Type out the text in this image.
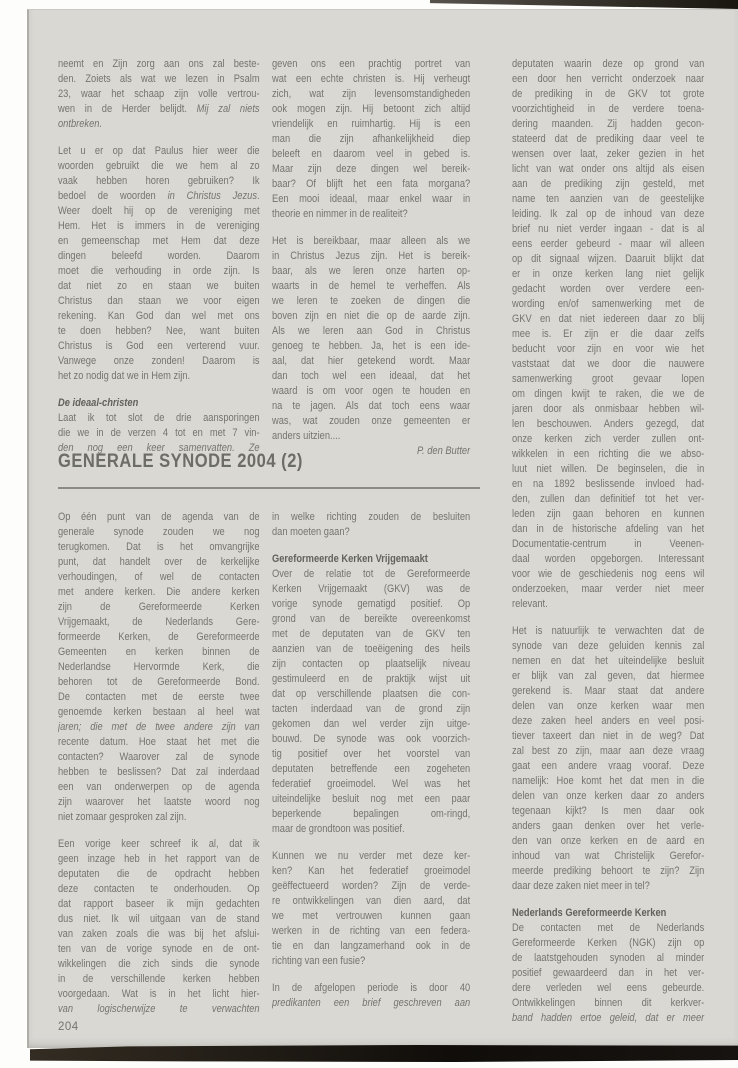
GENERALE SYNODE 2004 (2)
neemt en Zijn zorg aan ons zal beste-
den. Zoiets als wat we lezen in Psalm
23, waar het schaap zijn volle vertrou-
wen in de Herder belijdt. Mij zal niets
ontbreken.
Let u er op dat Paulus hier weer die
woorden gebruikt die we hem al zo
vaak hebben horen gebruiken? Ik
bedoel de woorden in Christus Jezus.
Weer doelt hij op de vereniging met
Hem. Het is immers in de vereniging
en gemeenschap met Hem dat deze
dingen beleefd worden. Daarom
moet die verhouding in orde zijn. Is
dat niet zo en staan we buiten
Christus dan staan we voor eigen
rekening. Kan God dan wel met ons
te doen hebben? Nee, want buiten
Christus is God een verterend vuur.
Vanwege onze zonden! Daarom is
het zo nodig dat we in Hem zijn.
De ideaal-christen
Laat ik tot slot de drie aansporingen
die we in de verzen 4 tot en met 7 vin-
den nog een keer samenvatten. Ze
geven ons een prachtig portret van
wat een echte christen is. Hij verheugt
zich, wat zijn levensomstandigheden
ook mogen zijn. Hij betoont zich altijd
vriendelijk en ruimhartig. Hij is een
man die zijn afhankelijkheid diep
beleeft en daarom veel in gebed is.
Maar zijn deze dingen wel bereik-
baar? Of blijft het een fata morgana?
Een mooi ideaal, maar enkel waar in
theorie en nimmer in de realiteit?
Het is bereikbaar, maar alleen als we
in Christus Jezus zijn. Het is bereik-
baar, als we leren onze harten op-
waarts in de hemel te verheffen. Als
we leren te zoeken de dingen die
boven zijn en niet die op de aarde zijn.
Als we leren aan God in Christus
genoeg te hebben. Ja, het is een ide-
aal, dat hier getekend wordt. Maar
dan toch wel een ideaal, dat het
waard is om voor ogen te houden en
na te jagen. Als dat toch eens waar
was, wat zouden onze gemeenten er
anders uitzien....
P. den Butter
deputaten waarin deze op grond van
een door hen verricht onderzoek naar
de prediking in de GKV tot grote
voorzichtigheid in de verdere toena-
dering maanden. Zij hadden gecon-
stateerd dat de prediking daar veel te
wensen over laat, zeker gezien in het
licht van wat onder ons altijd als eisen
aan de prediking zijn gesteld, met
name ten aanzien van de geestelijke
leiding. Ik zal op de inhoud van deze
brief nu niet verder ingaan - dat is al
eens eerder gebeurd - maar wil alleen
op dit signaal wijzen. Daaruit blijkt dat
er in onze kerken lang niet gelijk
gedacht worden over verdere een-
wording en/of samenwerking met de
GKV en dat niet iedereen daar zo blij
mee is. Er zijn er die daar zelfs
beducht voor zijn en voor wie het
vaststaat dat we door die nauwere
samenwerking groot gevaar lopen
om dingen kwijt te raken, die we de
jaren door als onmisbaar hebben wil-
len beschouwen. Anders gezegd, dat
onze kerken zich verder zullen ont-
wikkelen in een richting die we abso-
luut niet willen. De beginselen, die in
en na 1892 beslissende invloed had-
den, zullen dan definitief tot het ver-
leden zijn gaan behoren en kunnen
dan in de historische afdeling van het
Documentatie-centrum in Veenen-
daal worden opgeborgen. Interessant
voor wie de geschiedenis nog eens wil
onderzoeken, maar verder niet meer
relevant.
Het is natuurlijk te verwachten dat de
synode van deze geluiden kennis zal
nemen en dat het uiteindelijke besluit
er blijk van zal geven, dat hiermee
gerekend is. Maar staat dat andere
delen van onze kerken waar men
deze zaken heel anders en veel posi-
tiever taxeert dan niet in de weg? Dat
zal best zo zijn, maar aan deze vraag
gaat een andere vraag vooraf. Deze
namelijk: Hoe komt het dat men in die
delen van onze kerken daar zo anders
tegenaan kijkt? Is men daar ook
anders gaan denken over het verle-
den van onze kerken en de aard en
inhoud van wat Christelijk Gerefor-
meerde prediking behoort te zijn? Zijn
daar deze zaken niet meer in tel?
Nederlands Gereformeerde Kerken
De contacten met de Nederlands
Gereformeerde Kerken (NGK) zijn op
de laatstgehouden synoden al minder
positief gewaardeerd dan in het ver-
dere verleden wel eens gebeurde.
Ontwikkelingen binnen dit kerkver-
band hadden ertoe geleid, dat er meer
Op één punt van de agenda van de
generale synode zouden we nog
terugkomen. Dat is het omvangrijke
punt, dat handelt over de kerkelijke
verhoudingen, of wel de contacten
met andere kerken. Die andere kerken
zijn de Gereformeerde Kerken
Vrijgemaakt, de Nederlands Gere-
formeerde Kerken, de Gereformeerde
Gemeenten en kerken binnen de
Nederlandse Hervormde Kerk, die
behoren tot de Gereformeerde Bond.
De contacten met de eerste twee
genoemde kerken bestaan al heel wat
jaren; die met de twee andere zijn van
recente datum. Hoe staat het met die
contacten? Waarover zal de synode
hebben te beslissen? Dat zal inderdaad
een van onderwerpen op de agenda
zijn waarover het laatste woord nog
niet zomaar gesproken zal zijn.
Een vorige keer schreef ik al, dat ik
geen inzage heb in het rapport van de
deputaten die de opdracht hebben
deze contacten te onderhouden. Op
dat rapport baseer ik mijn gedachten
dus niet. Ik wil uitgaan van de stand
van zaken zoals die was bij het afslui-
ten van de vorige synode en de ont-
wikkelingen die zich sinds die synode
in de verschillende kerken hebben
voorgedaan. Wat is in het licht hier-
van logischerwijze te verwachten
in welke richting zouden de besluiten
dan moeten gaan?
Gereformeerde Kerken Vrijgemaakt
Over de relatie tot de Gereformeerde
Kerken Vrijgemaakt (GKV) was de
vorige synode gematigd positief. Op
grond van de bereikte overeenkomst
met de deputaten van de GKV ten
aanzien van de toeëigening des heils
zijn contacten op plaatselijk niveau
gestimuleerd en de praktijk wijst uit
dat op verschillende plaatsen die con-
tacten inderdaad van de grond zijn
gekomen dan wel verder zijn uitge-
bouwd. De synode was ook voorzich-
tig positief over het voorstel van
deputaten betreffende een zogeheten
federatief groeimodel. Wel was het
uiteindelijke besluit nog met een paar
beperkende bepalingen om-ringd,
maar de grondtoon was positief.
Kunnen we nu verder met deze ker-
ken? Kan het federatief groeimodel
geëffectueerd worden? Zijn de verde-
re ontwikkelingen van dien aard, dat
we met vertrouwen kunnen gaan
werken in de richting van een federa-
tie en dan langzamerhand ook in de
richting van een fusie?
In de afgelopen periode is door 40
predikanten een brief geschreven aan
204
